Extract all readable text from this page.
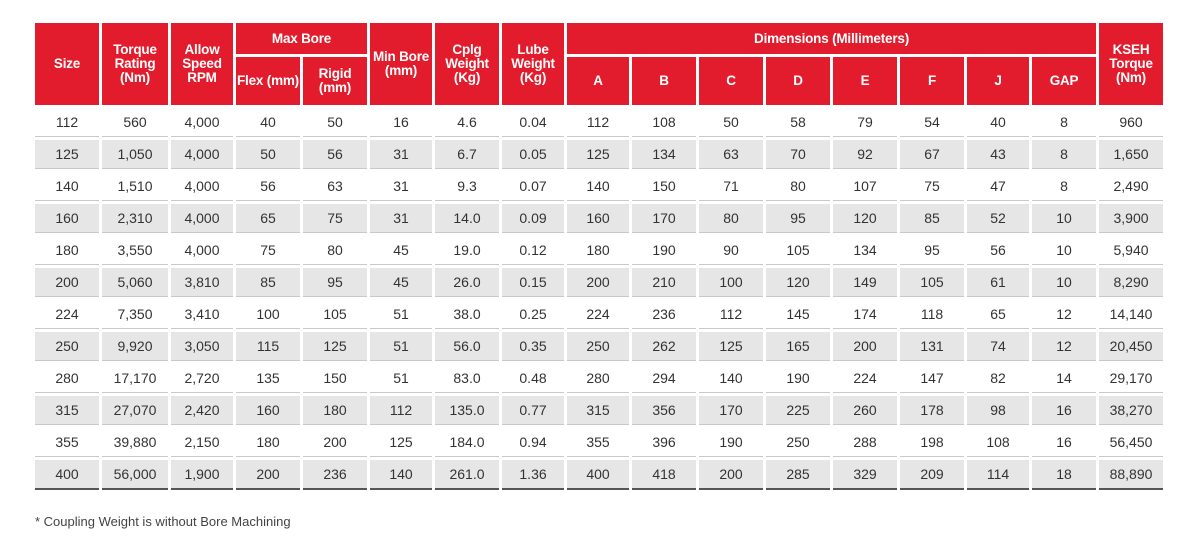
Size	Torque Rating (Nm)	Allow Speed RPM	Max Bore		Min Bore (mm)	Cplg Weight (Kg)	Lube Weight (Kg)	Dimensions (Millimeters)								KSEH Torque (Nm)
			Flex (mm)	Rigid (mm)				A	B	C	D	E	F	J	GAP	
112	560	4,000	40	50	16	4.6	0.04	112	108	50	58	79	54	40	8	960
125	1,050	4,000	50	56	31	6.7	0.05	125	134	63	70	92	67	43	8	1,650
140	1,510	4,000	56	63	31	9.3	0.07	140	150	71	80	107	75	47	8	2,490
160	2,310	4,000	65	75	31	14.0	0.09	160	170	80	95	120	85	52	10	3,900
180	3,550	4,000	75	80	45	19.0	0.12	180	190	90	105	134	95	56	10	5,940
200	5,060	3,810	85	95	45	26.0	0.15	200	210	100	120	149	105	61	10	8,290
224	7,350	3,410	100	105	51	38.0	0.25	224	236	112	145	174	118	65	12	14,140
250	9,920	3,050	115	125	51	56.0	0.35	250	262	125	165	200	131	74	12	20,450
280	17,170	2,720	135	150	51	83.0	0.48	280	294	140	190	224	147	82	14	29,170
315	27,070	2,420	160	180	112	135.0	0.77	315	356	170	225	260	178	98	16	38,270
355	39,880	2,150	180	200	125	184.0	0.94	355	396	190	250	288	198	108	16	56,450
400	56,000	1,900	200	236	140	261.0	1.36	400	418	200	285	329	209	114	18	88,890
* Coupling Weight is without Bore Machining
